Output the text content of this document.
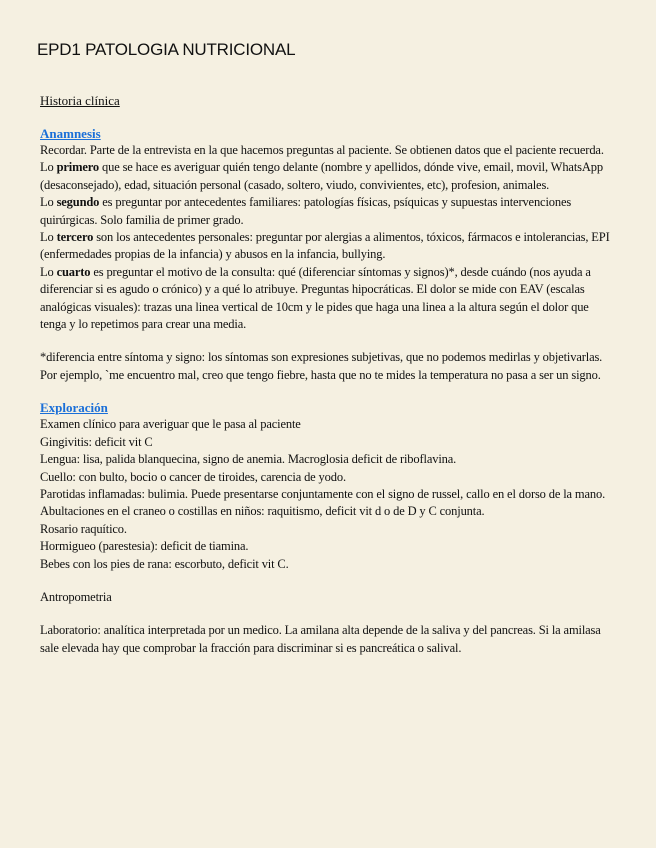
EPD1 PATOLOGIA NUTRICIONAL
Historia clínica
Anamnesis

Recordar. Parte de la entrevista en la que hacemos preguntas al paciente. Se obtienen datos que el paciente recuerda.

Lo primero que se hace es averiguar quién tengo delante (nombre y apellidos, dónde vive, email, movil, WhatsApp (desaconsejado), edad, situación personal (casado, soltero, viudo, convivientes, etc), profesion, animales.

Lo segundo es preguntar por antecedentes familiares: patologías físicas, psíquicas y supuestas intervenciones quirúrgicas. Solo familia de primer grado.

Lo tercero son los antecedentes personales: preguntar por alergias a alimentos, tóxicos, fármacos e intolerancias, EPI (enfermedades propias de la infancia) y abusos en la infancia, bullying.

Lo cuarto es preguntar el motivo de la consulta: qué (diferenciar síntomas y signos)*, desde cuándo (nos ayuda a diferenciar si es agudo o crónico) y a qué lo atribuye. Preguntas hipocráticas. El dolor se mide con EAV (escalas analógicas visuales): trazas una linea vertical de 10cm y le pides que haga una linea a la altura según el dolor que tenga y lo repetimos para crear una media.

*diferencia entre síntoma y signo: los síntomas son expresiones subjetivas, que no podemos medirlas y objetivarlas. Por ejemplo, `me encuentro mal, creo que tengo fiebre, hasta que no te mides la temperatura no pasa a ser un signo.

Exploración

Examen clínico para averiguar que le pasa al paciente

Gingivitis: deficit vit C

Lengua: lisa, palida blanquecina, signo de anemia. Macroglosia deficit de riboflavina.

Cuello: con bulto, bocio o cancer de tiroides, carencia de yodo.

Parotidas inflamadas: bulimia. Puede presentarse conjuntamente con el signo de russel, callo en el dorso de la mano.

Abultaciones en el craneo o costillas en niños: raquitismo, deficit vit d o de D y C conjunta.

Rosario raquítico.

Hormigueo (parestesia): deficit de tiamina.

Bebes con los pies de rana: escorbuto, deficit vit C.

Antropometria

Laboratorio: analítica interpretada por un medico. La amilana alta depende de la saliva y del pancreas. Si la amilasa sale elevada hay que comprobar la fracción para discriminar si es pancreática o salival.
